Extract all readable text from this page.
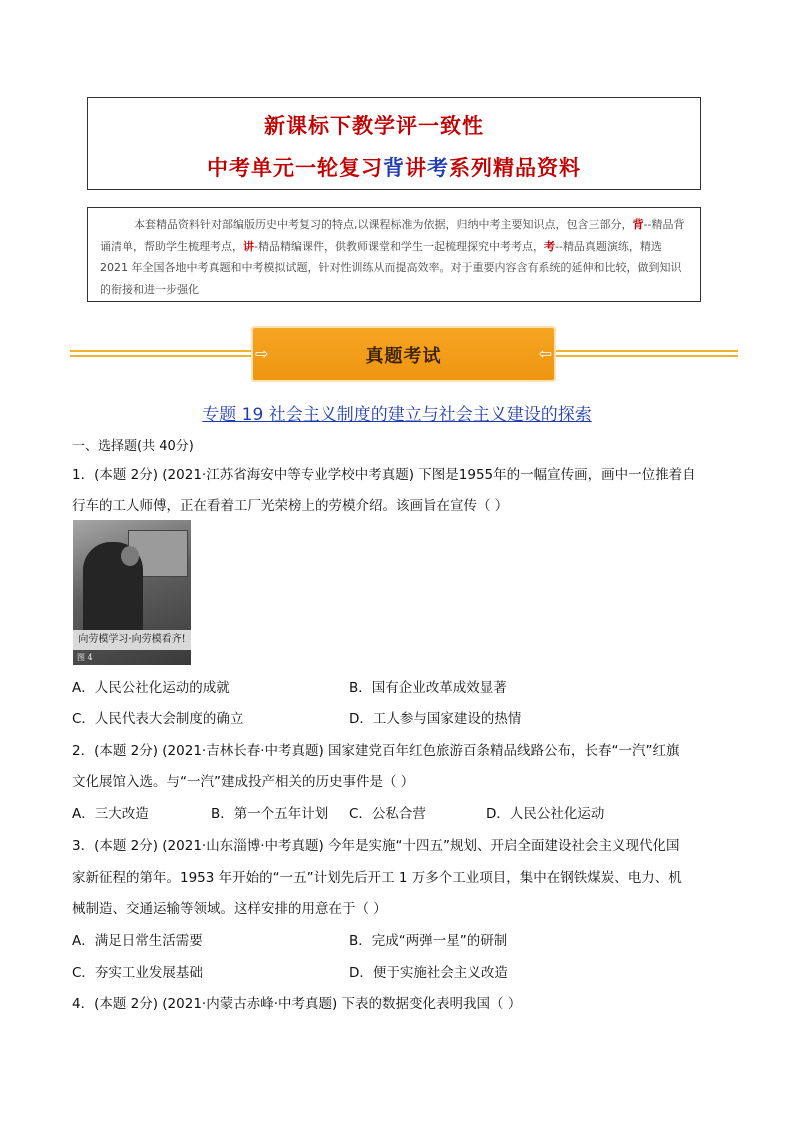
新课标下教学评一致性
中考单元一轮复习背讲考系列精品资料
本套精品资料针对部编版历史中考复习的特点,以课程标准为依据，归纳中考主要知识点，包含三部分，背--精品背诵清单，帮助学生梳理考点，讲-精品精编课件，供教师课堂和学生一起梳理探究中考考点，考--精品真题演练，精选 2021 年全国各地中考真题和中考模拟试题，针对性训练从而提高效率。对于重要内容含有系统的延伸和比较，做到知识的衔接和进一步强化
⇨	真题考试	⇦
专题 19 社会主义制度的建立与社会主义建设的探索
一、选择题(共 40分)
1．(本题 2分) (2021·江苏省海安中等专业学校中考真题) 下图是1955年的一幅宣传画，画中一位推着自
行车的工人师傅，正在看着工厂光荣榜上的劳模介绍。该画旨在宣传（ ）
向劳模学习·向劳模看齐!
图 4
A．人民公社化运动的成就	B．国有企业改革成效显著
C．人民代表大会制度的确立	D．工人参与国家建设的热情
2．(本题 2分) (2021·吉林长春·中考真题) 国家建党百年红色旅游百条精品线路公布，长春“一汽”红旗
文化展馆入选。与“一汽”建成投产相关的历史事件是（ ）
A．三大改造	B．第一个五年计划 C．公私合营	D．人民公社化运动
3．(本题 2分) (2021·山东淄博·中考真题) 今年是实施“十四五”规划、开启全面建设社会主义现代化国
家新征程的第年。1953 年开始的“一五”计划先后开工 1 万多个工业项目，集中在钢铁煤炭、电力、机
械制造、交通运输等领域。这样安排的用意在于（ ）
A．满足日常生活需要	B．完成“两弹一星”的研制
C．夯实工业发展基础	D．便于实施社会主义改造
4．(本题 2分) (2021·内蒙古赤峰·中考真题) 下表的数据变化表明我国（ ）
